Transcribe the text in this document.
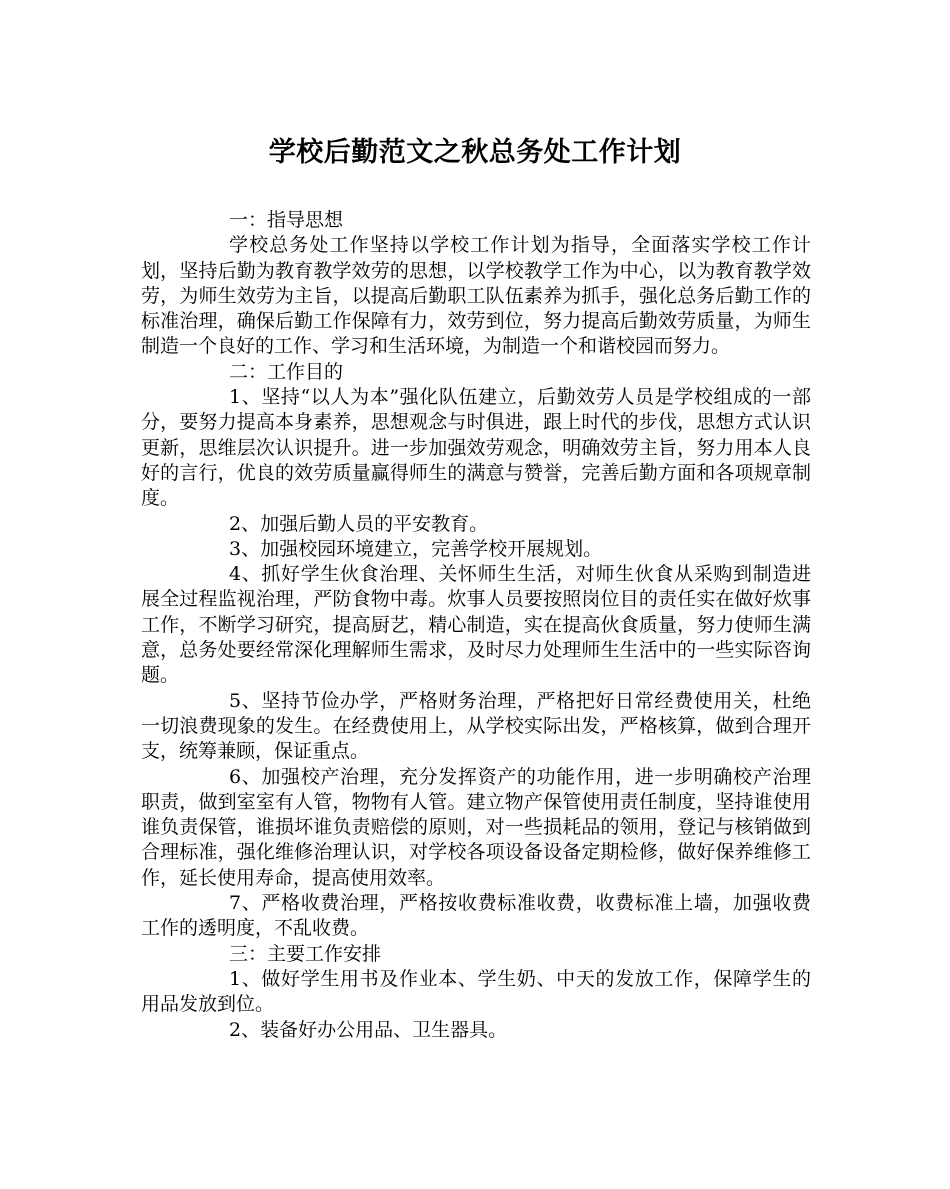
学校后勤范文之秋总务处工作计划

一：指导思想

学校总务处工作坚持以学校工作计划为指导，全面落实学校工作计划，坚持后勤为教育教学效劳的思想，以学校教学工作为中心，以为教育教学效劳，为师生效劳为主旨，以提高后勤职工队伍素养为抓手，强化总务后勤工作的标准治理，确保后勤工作保障有力，效劳到位，努力提高后勤效劳质量，为师生制造一个良好的工作、学习和生活环境，为制造一个和谐校园而努力。

二：工作目的

1、坚持“以人为本”强化队伍建立，后勤效劳人员是学校组成的一部分，要努力提高本身素养，思想观念与时俱进，跟上时代的步伐，思想方式认识更新，思维层次认识提升。进一步加强效劳观念，明确效劳主旨，努力用本人良好的言行，优良的效劳质量赢得师生的满意与赞誉，完善后勤方面和各项规章制度。

2、加强后勤人员的平安教育。

3、加强校园环境建立，完善学校开展规划。

4、抓好学生伙食治理、关怀师生生活，对师生伙食从采购到制造进展全过程监视治理，严防食物中毒。炊事人员要按照岗位目的责任实在做好炊事工作，不断学习研究，提高厨艺，精心制造，实在提高伙食质量，努力使师生满意，总务处要经常深化理解师生需求，及时尽力处理师生生活中的一些实际咨询题。

5、坚持节俭办学，严格财务治理，严格把好日常经费使用关，杜绝一切浪费现象的发生。在经费使用上，从学校实际出发，严格核算，做到合理开支，统筹兼顾，保证重点。

6、加强校产治理，充分发挥资产的功能作用，进一步明确校产治理职责，做到室室有人管，物物有人管。建立物产保管使用责任制度，坚持谁使用谁负责保管，谁损坏谁负责赔偿的原则，对一些损耗品的领用，登记与核销做到合理标准，强化维修治理认识，对学校各项设备设备定期检修，做好保养维修工作，延长使用寿命，提高使用效率。

7、严格收费治理，严格按收费标准收费，收费标准上墙，加强收费工作的透明度，不乱收费。

三：主要工作安排

1、做好学生用书及作业本、学生奶、中天的发放工作，保障学生的用品发放到位。

2、装备好办公用品、卫生器具。
